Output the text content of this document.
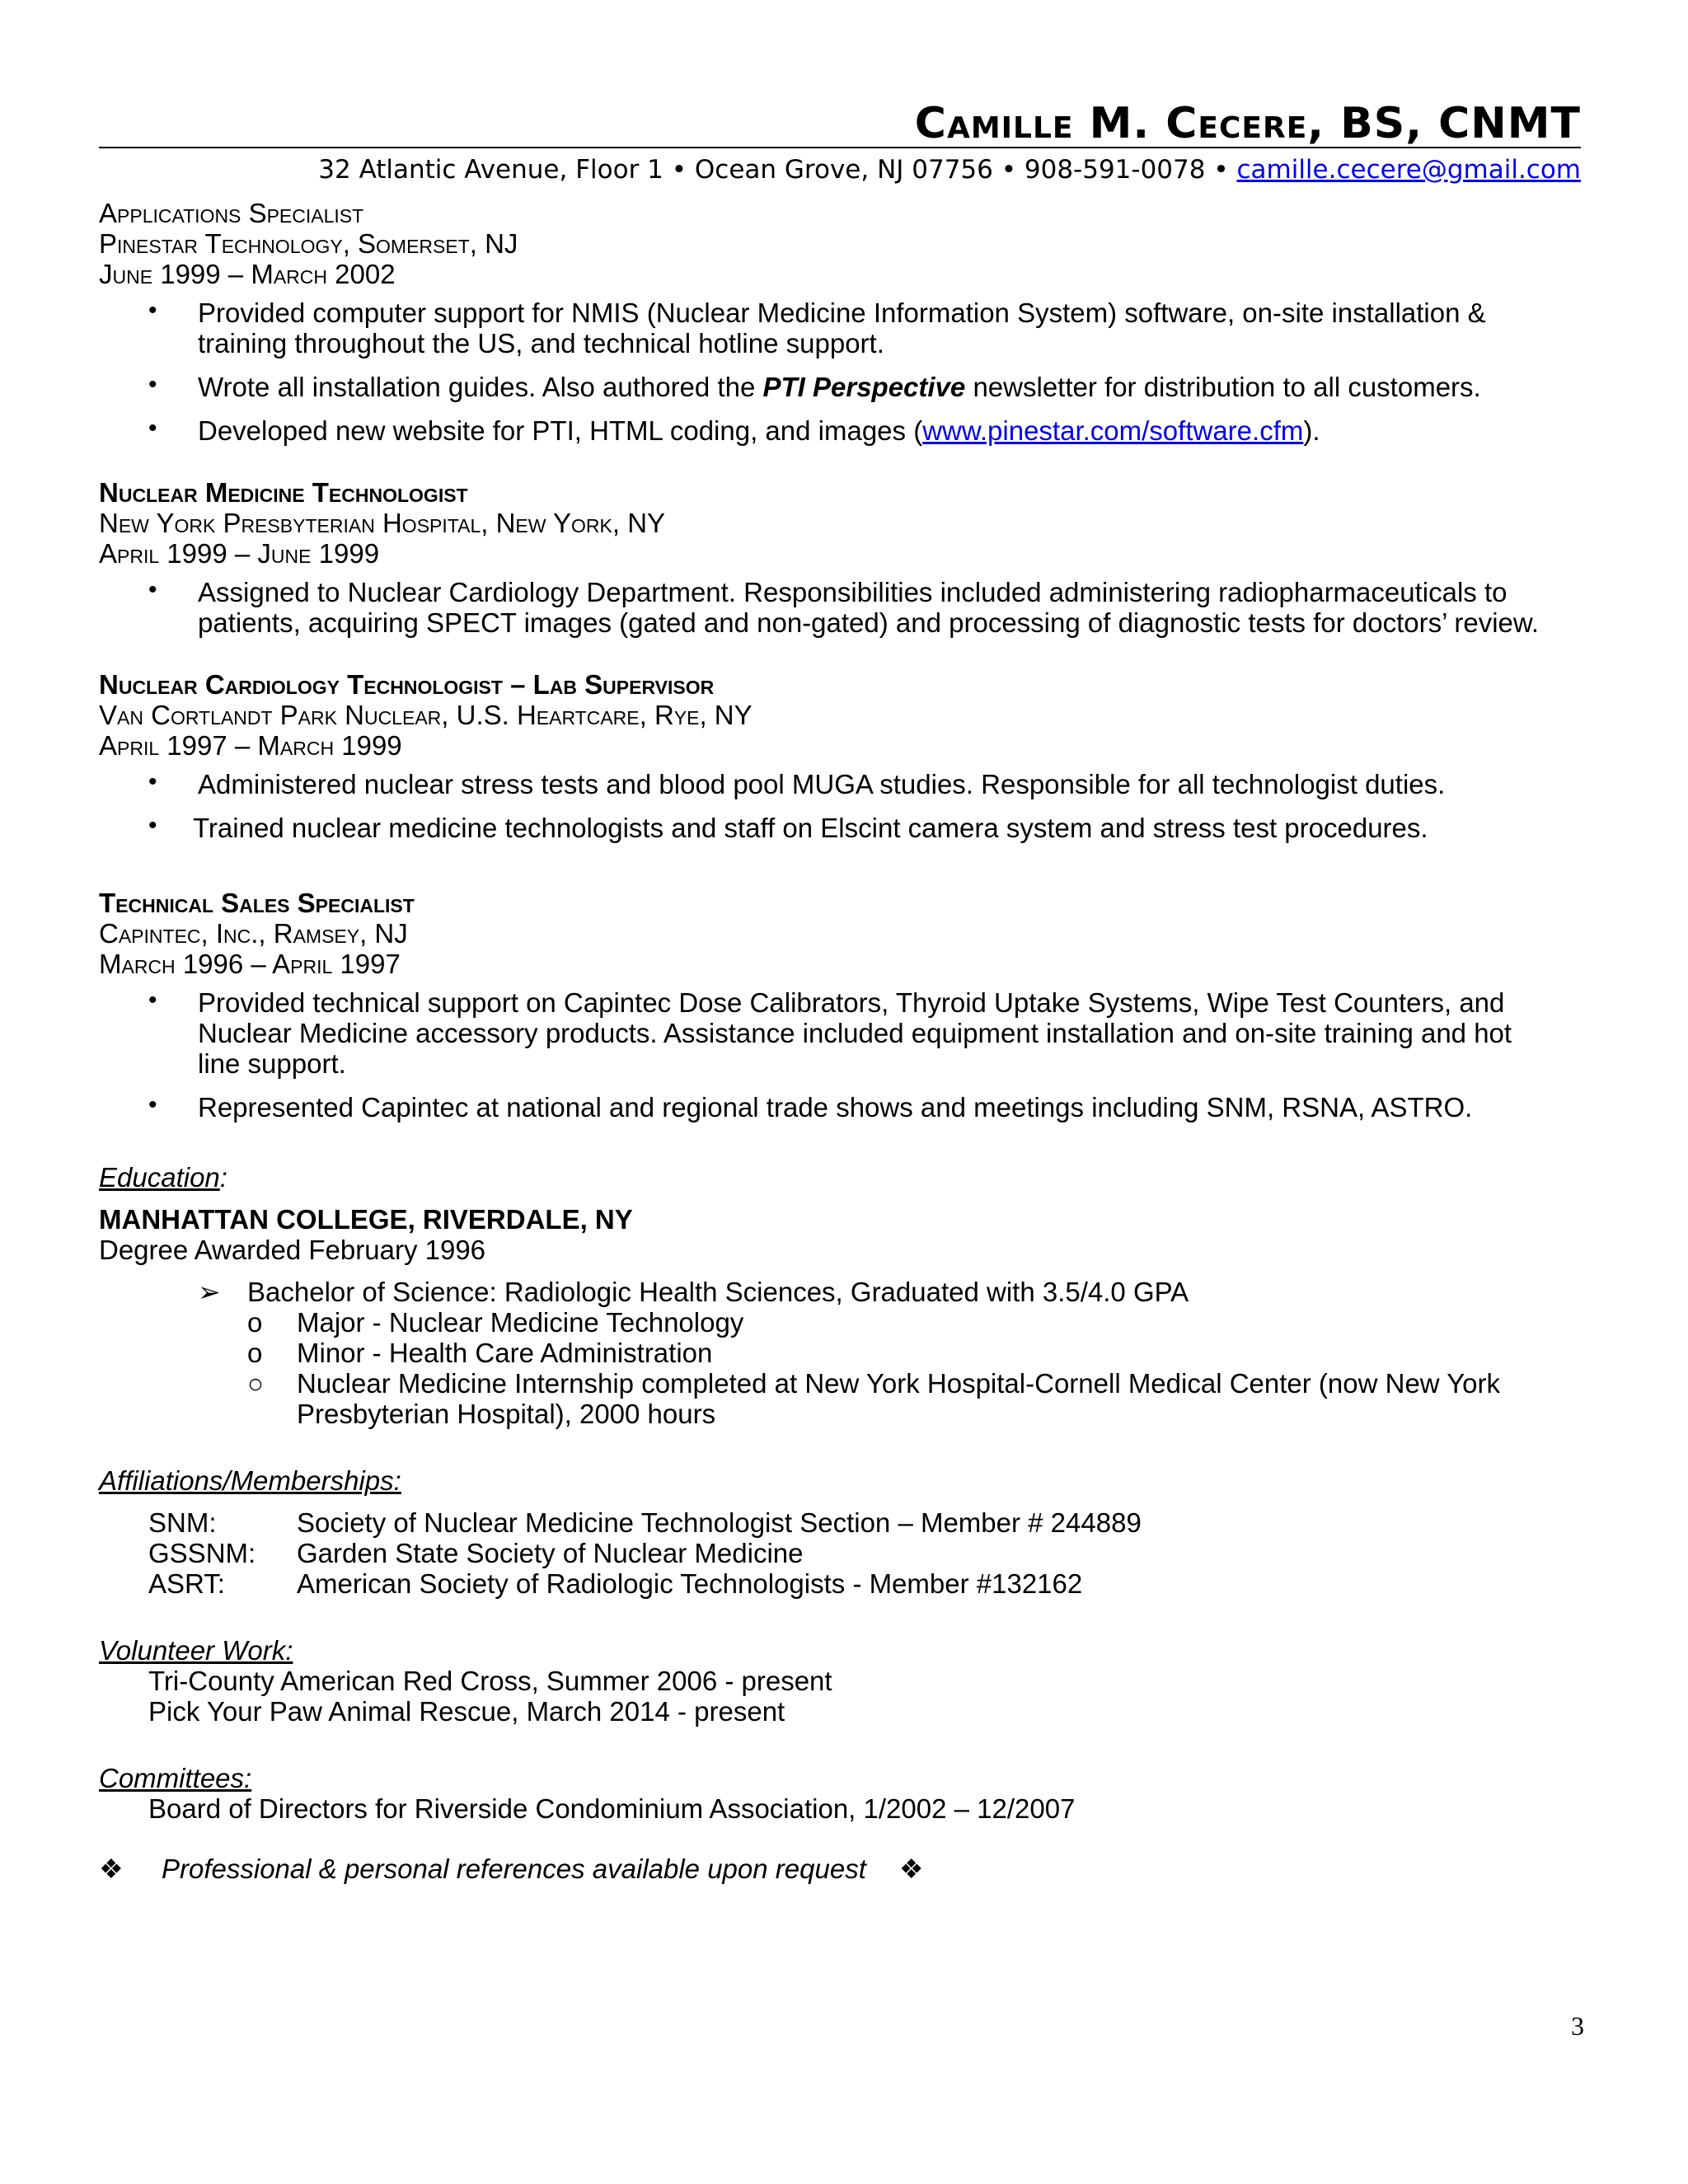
Camille M. Cecere, BS, CNMT
32 Atlantic Avenue, Floor 1 • Ocean Grove, NJ 07756 • 908-591-0078 • camille.cecere@gmail.com
Applications Specialist
Pinestar Technology, Somerset, NJ
June 1999 – March 2002
• Provided computer support for NMIS (Nuclear Medicine Information System) software, on-site installation & training throughout the US, and technical hotline support.
• Wrote all installation guides. Also authored the PTI Perspective newsletter for distribution to all customers.
• Developed new website for PTI, HTML coding, and images (www.pinestar.com/software.cfm).
Nuclear Medicine Technologist
New York Presbyterian Hospital, New York, NY
April 1999 – June 1999
• Assigned to Nuclear Cardiology Department. Responsibilities included administering radiopharmaceuticals to patients, acquiring SPECT images (gated and non-gated) and processing of diagnostic tests for doctors’ review.
Nuclear Cardiology Technologist – Lab Supervisor
Van Cortlandt Park Nuclear, U.S. Heartcare, Rye, NY
April 1997 – March 1999
• Administered nuclear stress tests and blood pool MUGA studies. Responsible for all technologist duties.
• Trained nuclear medicine technologists and staff on Elscint camera system and stress test procedures.
Technical Sales Specialist
Capintec, Inc., Ramsey, NJ
March 1996 – April 1997
• Provided technical support on Capintec Dose Calibrators, Thyroid Uptake Systems, Wipe Test Counters, and Nuclear Medicine accessory products. Assistance included equipment installation and on-site training and hot line support.
• Represented Capintec at national and regional trade shows and meetings including SNM, RSNA, ASTRO.
Education:
MANHATTAN COLLEGE, RIVERDALE, NY
Degree Awarded February 1996
➢ Bachelor of Science: Radiologic Health Sciences, Graduated with 3.5/4.0 GPA
o Major - Nuclear Medicine Technology
o Minor - Health Care Administration
○ Nuclear Medicine Internship completed at New York Hospital-Cornell Medical Center (now New York Presbyterian Hospital), 2000 hours
Affiliations/Memberships:
SNM:	Society of Nuclear Medicine Technologist Section – Member # 244889
GSSNM:	Garden State Society of Nuclear Medicine
ASRT:	American Society of Radiologic Technologists - Member #132162
Volunteer Work:
Tri-County American Red Cross, Summer 2006 - present
Pick Your Paw Animal Rescue, March 2014 - present
Committees:
Board of Directors for Riverside Condominium Association, 1/2002 – 12/2007
❖ Professional & personal references available upon request ❖
3
